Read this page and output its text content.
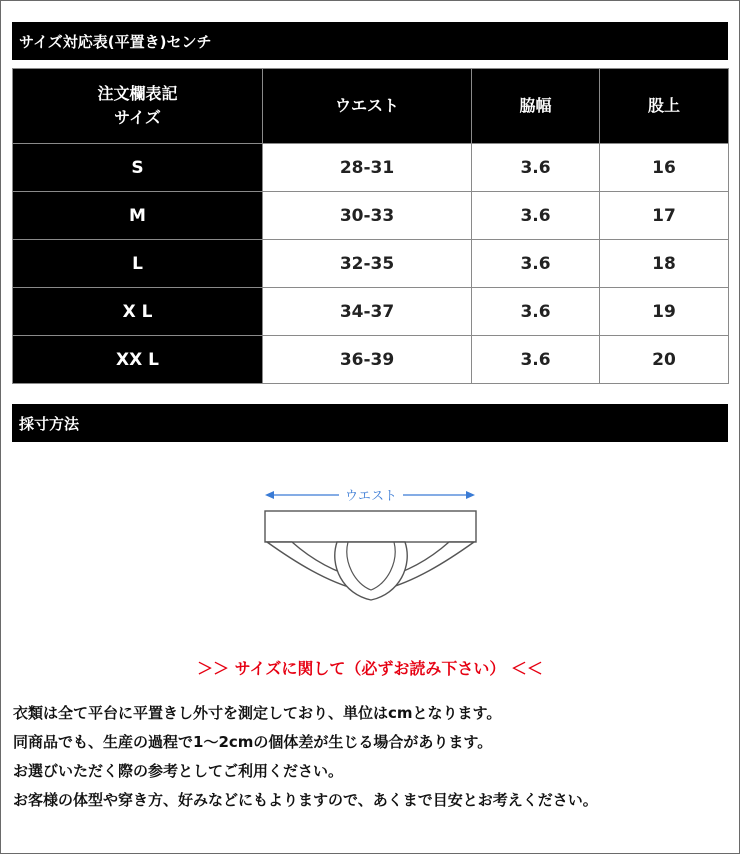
サイズ対応表(平置き)センチ
注文欄表記
サイズ	ウエスト	脇幅	股上
S	28-31	3.6	16
M	30-33	3.6	17
L	32-35	3.6	18
X L	34-37	3.6	19
XX L	36-39	3.6	20
採寸方法
ウエスト
＞＞ サイズに関して（必ずお読み下さい） ＜＜

衣類は全て平台に平置きし外寸を測定しており、単位はcmとなります。

同商品でも、生産の過程で1～2cmの個体差が生じる場合があります。

お選びいただく際の参考としてご利用ください。

お客様の体型や穿き方、好みなどにもよりますので、あくまで目安とお考えください。
